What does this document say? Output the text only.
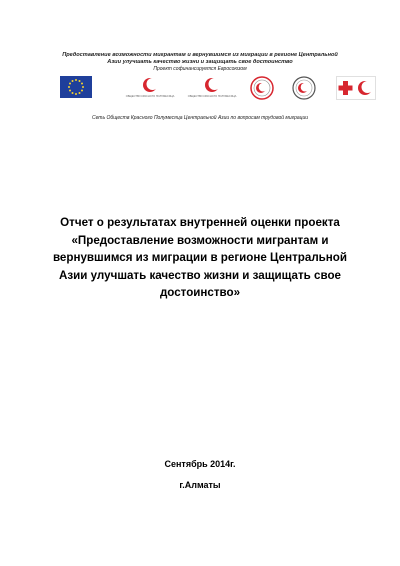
Предоставление возможности мигрантам и вернувшимся из миграции в регионе Центральной
Азии улучшать качество жизни и защищать свое достоинство
Проект софинансируется Евросоюзом
ОБЩЕСТВО КРАСНОГО ПОЛУМЕСЯЦА	ОБЩЕСТВО КРАСНОГО ПОЛУМЕСЯЦА
Сеть Обществ Красного Полумесяца Центральной Азии по вопросам трудовой миграции
Отчет о результатах внутренней оценки проекта
«Предоставление возможности мигрантам и
вернувшимся из миграции в регионе Центральной
Азии улучшать качество жизни и защищать свое
достоинство»
Сентябрь 2014г.
г.Алматы
